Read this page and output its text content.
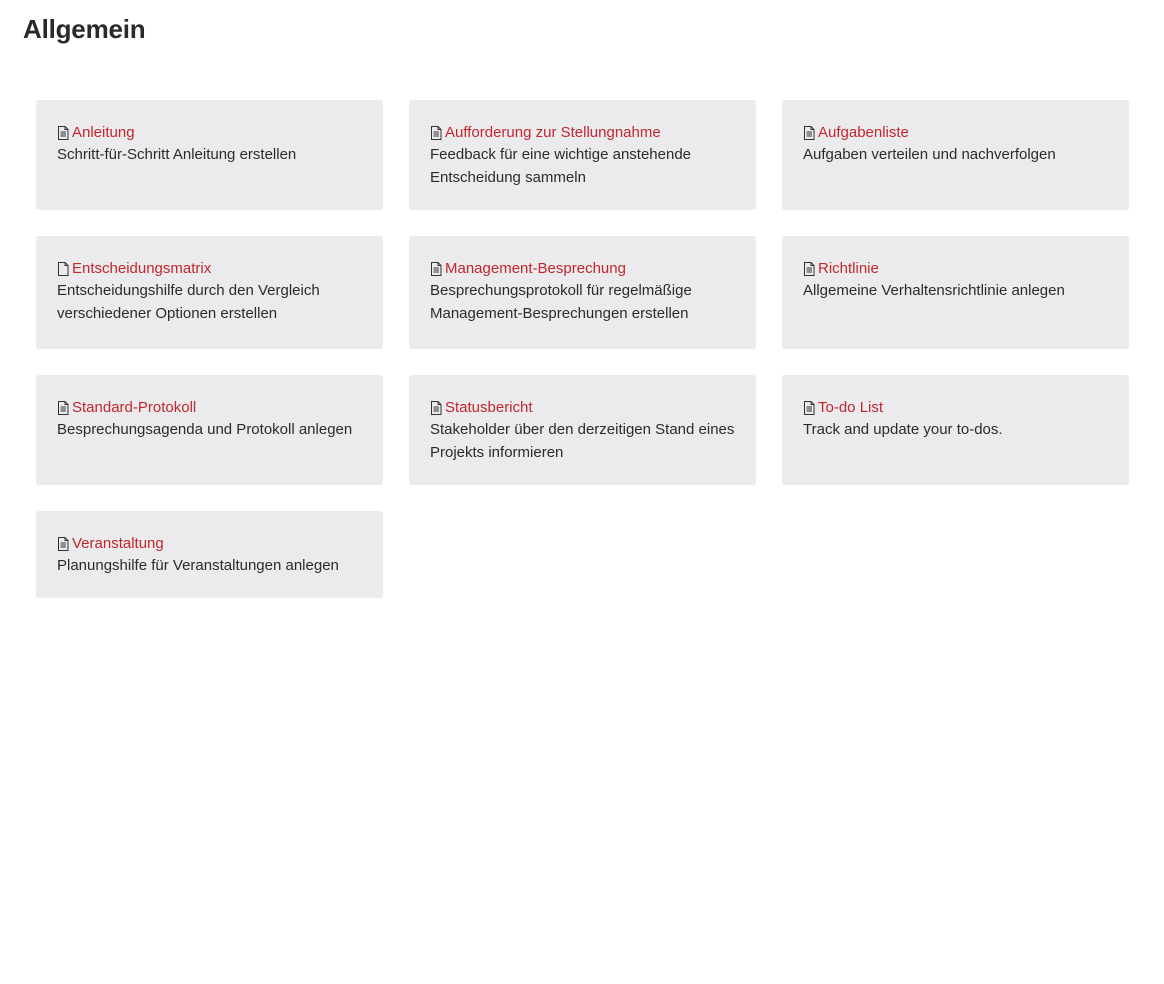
Allgemein
Anleitung
Schritt-für-Schritt Anleitung erstellen
Aufforderung zur Stellungnahme
Feedback für eine wichtige anstehende Entscheidung sammeln
Aufgabenliste
Aufgaben verteilen und nachverfolgen
Entscheidungsmatrix
Entscheidungshilfe durch den Vergleich verschiedener Optionen erstellen
Management-Besprechung
Besprechungsprotokoll für regelmäßige Management-Besprechungen erstellen
Richtlinie
Allgemeine Verhaltensrichtlinie anlegen
Standard-Protokoll
Besprechungsagenda und Protokoll anlegen
Statusbericht
Stakeholder über den derzeitigen Stand eines Projekts informieren
To-do List
Track and update your to-dos.
Veranstaltung
Planungshilfe für Veranstaltungen anlegen
